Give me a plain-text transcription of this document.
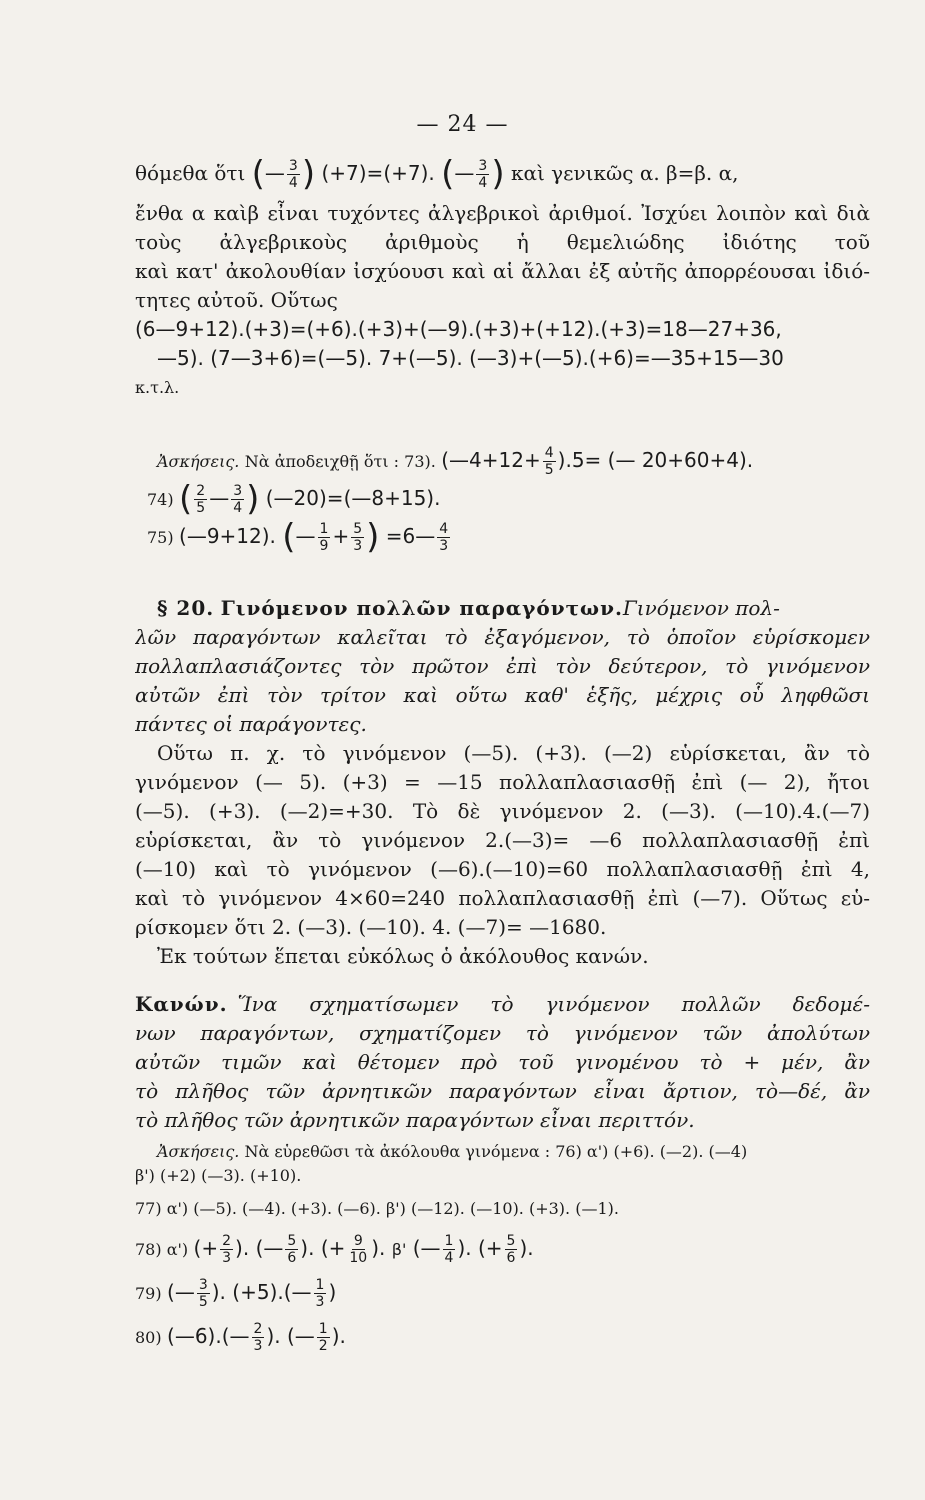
— 24 —
θόμεθα ὅτι (— $\frac{3}{4}$ ) (+7)=(+7). (— $\frac{3}{4}$ ) καὶ γενικῶς α. β=β. α,
ἔνθα α καὶβ εἶναι τυχόντες ἀλγεβρικοὶ ἀριθμοί. Ἰσχύει λοιπὸν καὶ διὰ
τοὺς ἀλγεβρικοὺς ἀριθμοὺς ἡ θεμελιώδης ἰδιότης τοῦ
καὶ κατ' ἀκολουθίαν ἰσχύουσι καὶ αἱ ἄλλαι ἐξ αὐτῆς ἀπορρέουσαι ἰδιό-
τητες αὐτοῦ. Οὕτως
(6—9+12).(+3)=(+6).(+3)+(—9).(+3)+(+12).(+3)=18—27+36,
—5). (7—3+6)=(—5). 7+(—5). (—3)+(—5).(+6)=—35+15—30
κ.τ.λ.
Ἀσκήσεις. Νὰ ἀποδειχθῇ ὅτι : 73). (—4+12+ $\frac{4}{5} ).5=$ (— 20+60+4).
74) ( $\frac{2}{5}$ — $\frac{3}{4}$ ) (—20)=(—8+15).
75) (—9+12). (— $\frac{1}{9} + \frac{5}{3}$ ) =6— $\frac{4}{3}$
§ 20. Γινόμενον πολλῶν παραγόντων.Γινόμενον πολ-
λῶν παραγόντων καλεῖται τὸ ἐξαγόμενον, τὸ ὁποῖον εὑρίσκομεν
πολλαπλασιάζοντες τὸν πρῶτον ἐπὶ τὸν δεύτερον, τὸ γινόμενον
αὐτῶν ἐπὶ τὸν τρίτον καὶ οὕτω καθ' ἑξῆς, μέχρις οὗ ληφθῶσι
πάντες οἱ παράγοντες.
Οὕτω π. χ. τὸ γινόμενον (—5). (+3). (—2) εὑρίσκεται, ἂν τὸ
γινόμενον (— 5). (+3) = —15 πολλαπλασιασθῇ ἐπὶ (— 2), ἤτοι
(—5). (+3). (—2)=+30. Τὸ δὲ γινόμενον 2. (—3). (—10).4.(—7)
εὑρίσκεται, ἂν τὸ γινόμενον 2.(—3)= —6 πολλαπλασιασθῇ ἐπὶ
(—10) καὶ τὸ γινόμενον (—6).(—10)=60 πολλαπλασιασθῇ ἐπὶ 4,
καὶ τὸ γινόμενον 4×60=240 πολλαπλασιασθῇ ἐπὶ (—7). Οὕτως εὑ-
ρίσκομεν ὅτι 2. (—3). (—10). 4. (—7)= —1680.
Ἐκ τούτων ἕπεται εὐκόλως ὁ ἀκόλουθος κανών.
Κανών. Ἵνα σχηματίσωμεν τὸ γινόμενον πολλῶν δεδομέ-
νων παραγόντων, σχηματίζομεν τὸ γινόμενον τῶν ἀπολύτων
αὐτῶν τιμῶν καὶ θέτομεν πρὸ τοῦ γινομένου τὸ + μέν, ἂν
τὸ πλῆθος τῶν ἀρνητικῶν παραγόντων εἶναι ἄρτιον, τὸ—δέ, ἂν
τὸ πλῆθος τῶν ἀρνητικῶν παραγόντων εἶναι περιττόν.
Ἀσκήσεις. Νὰ εὑρεθῶσι τὰ ἀκόλουθα γινόμενα : 76) α') (+6). (—2). (—4)
β') (+2) (—3). (+10).
77) α') (—5). (—4). (+3). (—6). β') (—12). (—10). (+3). (—1).
78) α') (+ $\frac{2}{3}$ ). (— $\frac{5}{6}$ ). (+ $\frac{9}{10}$ ). β' (— $\frac{1}{4}$ ). (+ $\frac{5}{6}$ ).
79) (— $\frac{3}{5}$ ). (+5).(— $\frac{1}{3}$ )
80) (—6).(— $\frac{2}{3}$ ). (— $\frac{1}{2}$ ).
